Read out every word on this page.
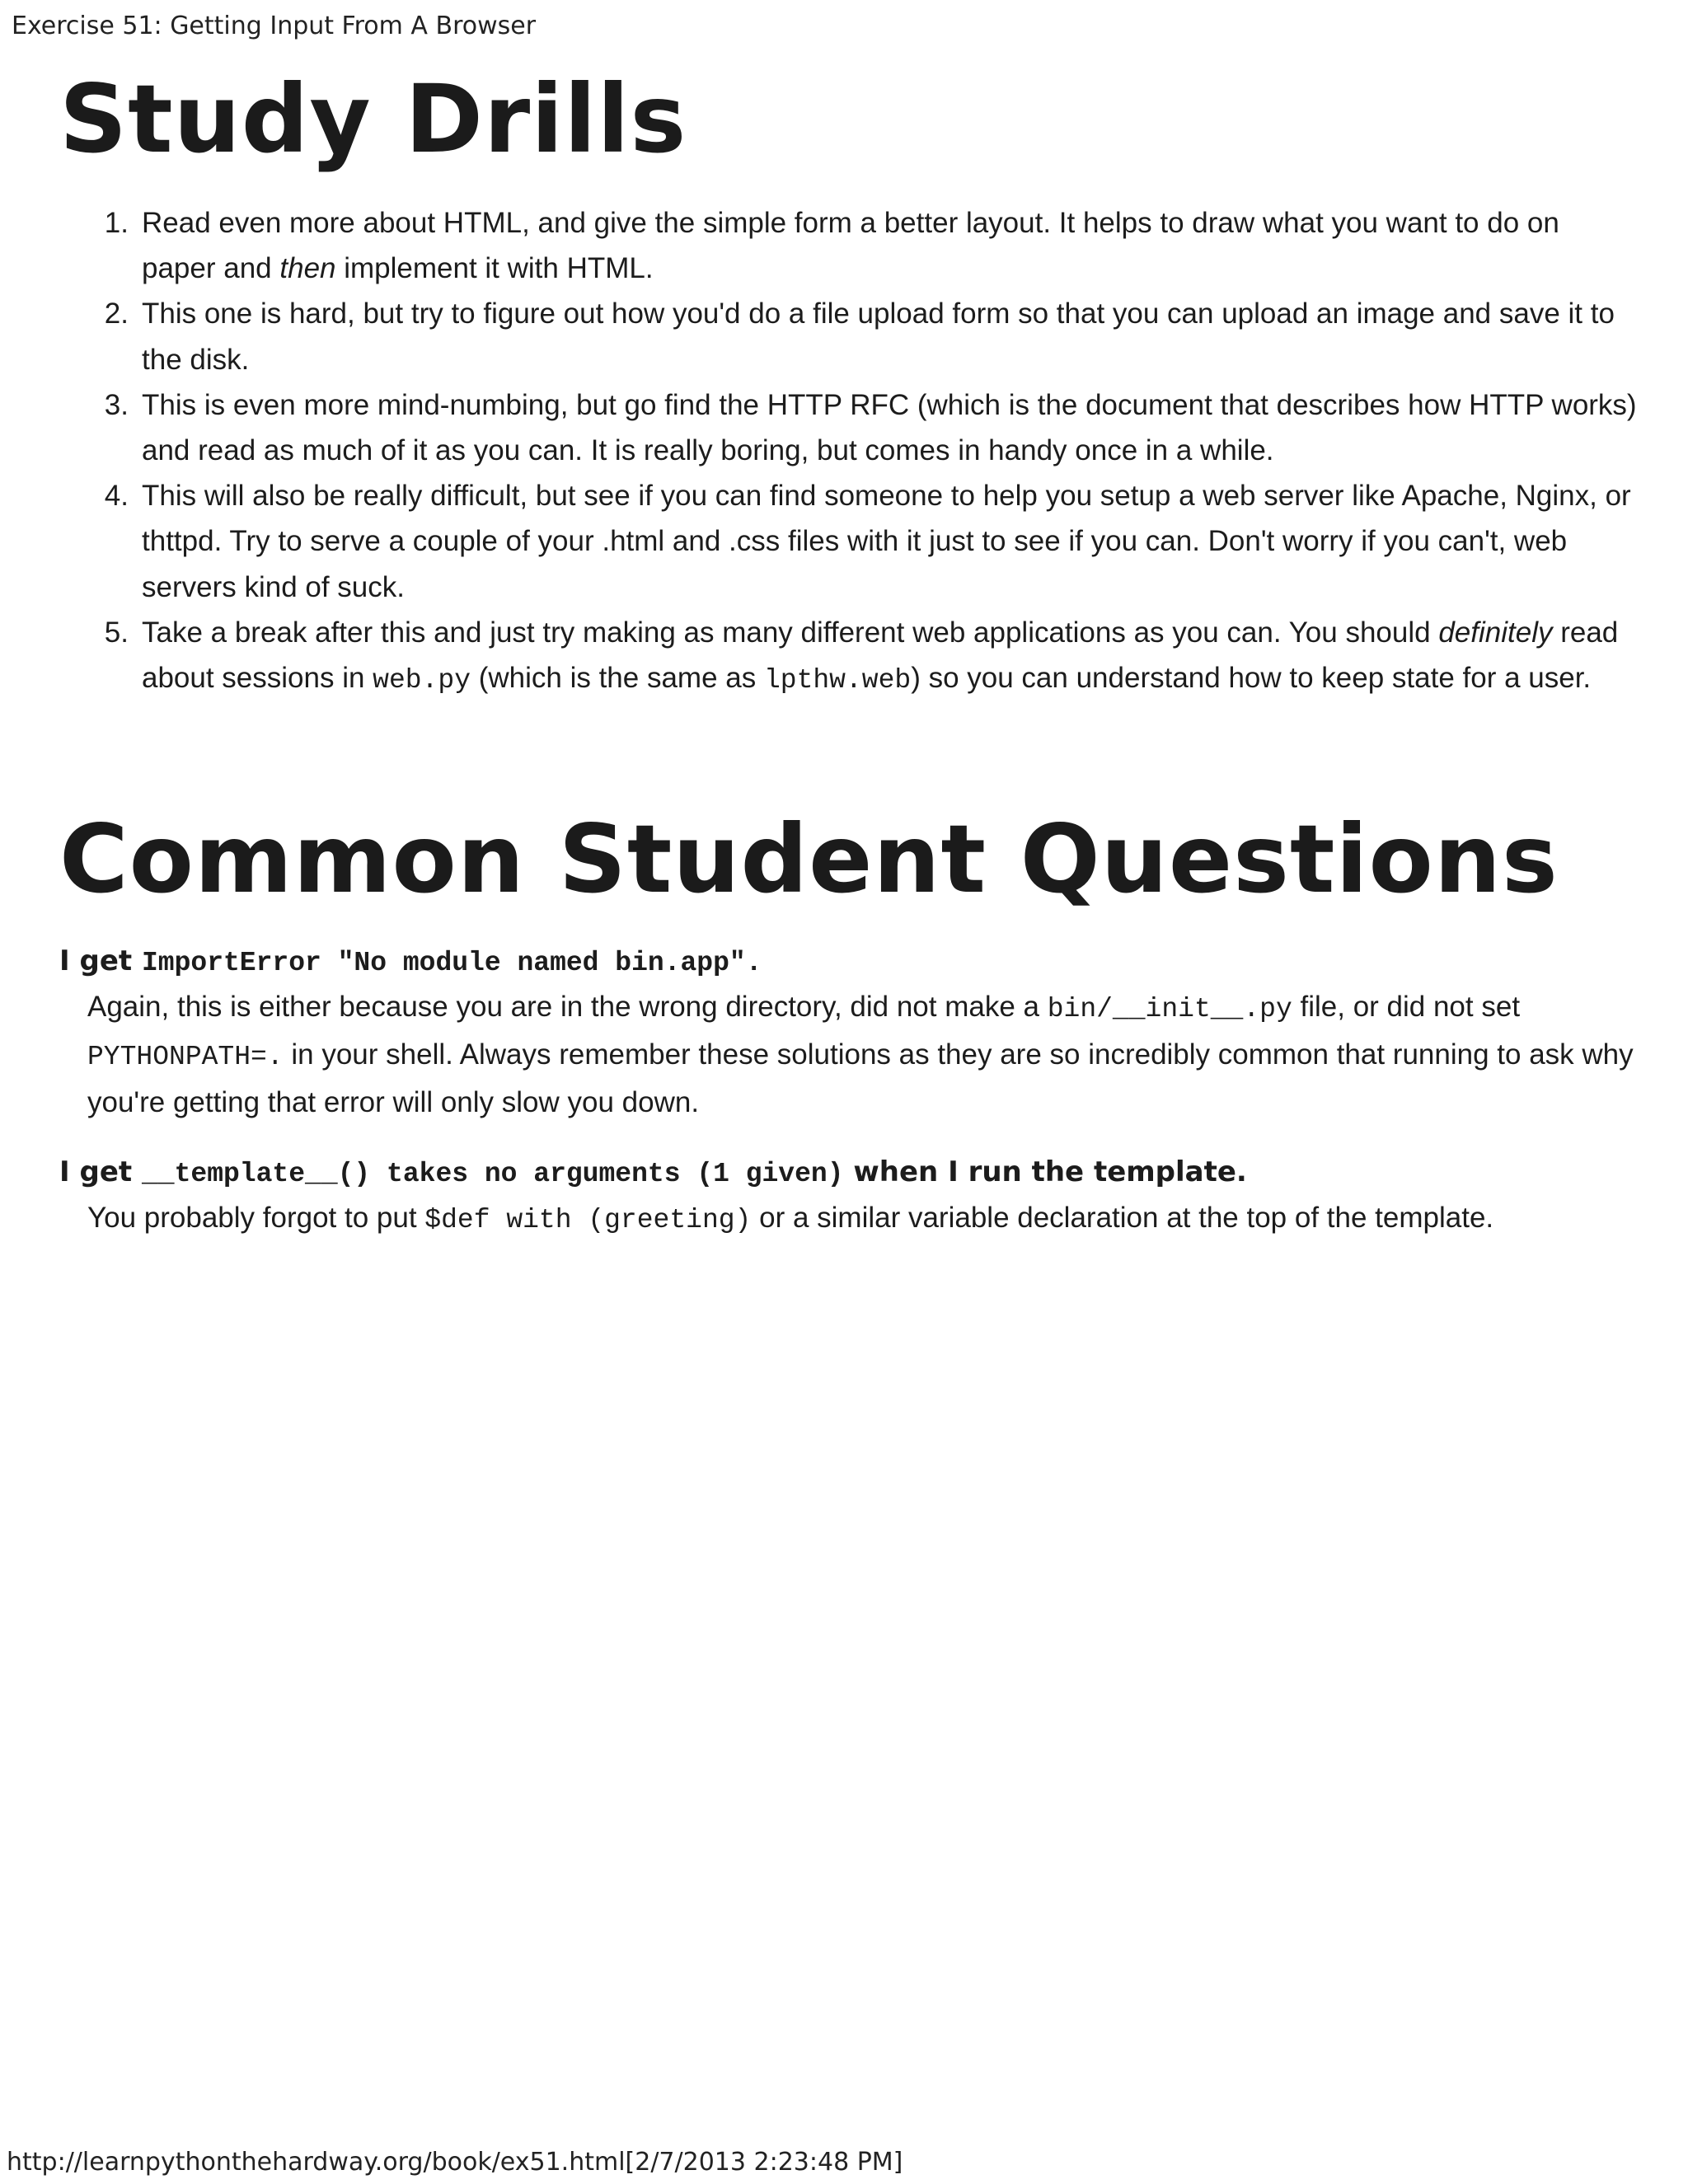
Exercise 51: Getting Input From A Browser
Study Drills
1. Read even more about HTML, and give the simple form a better layout. It helps to draw what you want to do on paper and then implement it with HTML.
2. This one is hard, but try to figure out how you'd do a file upload form so that you can upload an image and save it to the disk.
3. This is even more mind-numbing, but go find the HTTP RFC (which is the document that describes how HTTP works) and read as much of it as you can. It is really boring, but comes in handy once in a while.
4. This will also be really difficult, but see if you can find someone to help you setup a web server like Apache, Nginx, or thttpd. Try to serve a couple of your .html and .css files with it just to see if you can. Don't worry if you can't, web servers kind of suck.
5. Take a break after this and just try making as many different web applications as you can. You should definitely read about sessions in web.py (which is the same as lpthw.web) so you can understand how to keep state for a user.
Common Student Questions
I get ImportError "No module named bin.app".
Again, this is either because you are in the wrong directory, did not make a bin/__init__.py file, or did not set PYTHONPATH=. in your shell. Always remember these solutions as they are so incredibly common that running to ask why you're getting that error will only slow you down.
I get __template__() takes no arguments (1 given) when I run the template.
You probably forgot to put $def with (greeting) or a similar variable declaration at the top of the template.
http://learnpythonthehardway.org/book/ex51.html[2/7/2013 2:23:48 PM]
